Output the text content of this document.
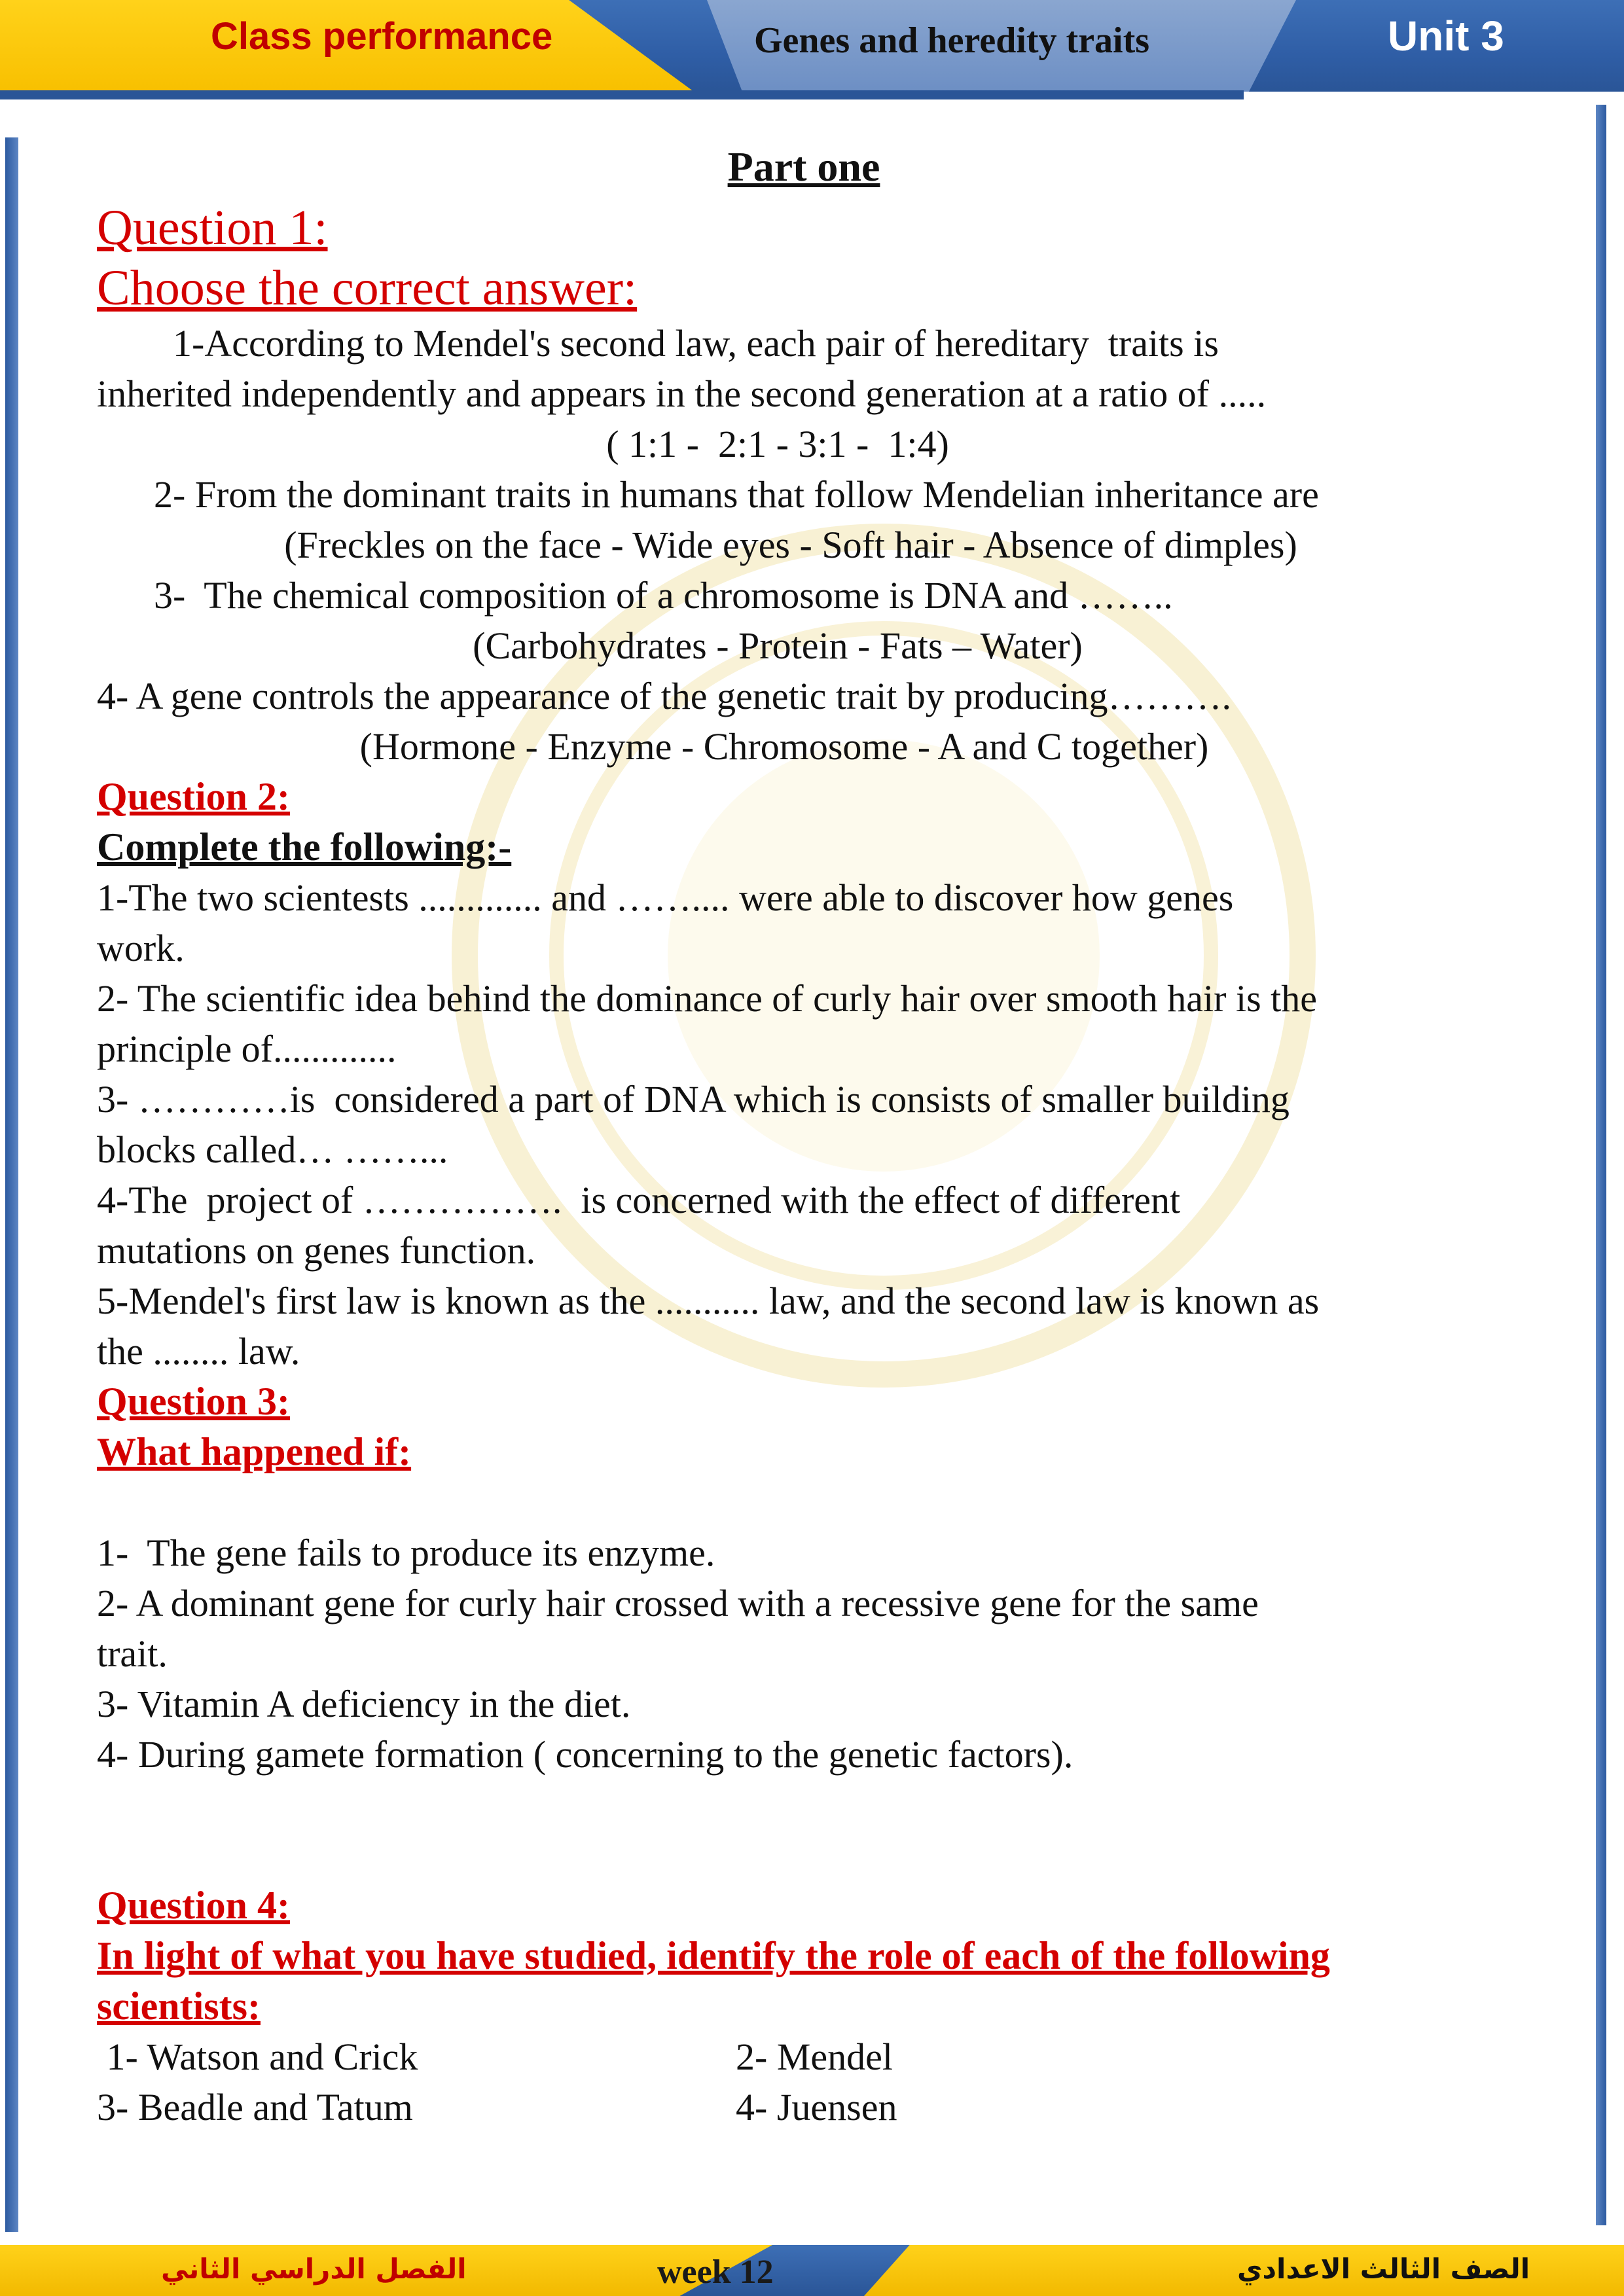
Class performance	Genes and heredity traits	Unit 3
Part one
Question 1:
Choose the correct answer:
1-According to Mendel's second law, each pair of hereditary  traits is
inherited independently and appears in the second generation at a ratio of .....
( 1:1 -  2:1 - 3:1 -  1:4)
2- From the dominant traits in humans that follow Mendelian inheritance are
(Freckles on the face - Wide eyes - Soft hair - Absence of dimples)
3-  The chemical composition of a chromosome is DNA and ……..
(Carbohydrates - Protein - Fats – Water)
4- A gene controls the appearance of the genetic trait by producing……….
(Hormone - Enzyme - Chromosome - A and C together)
Question 2:
Complete the following:-
1-The two scientests ............. and …….... were able to discover how genes
work.
2- The scientific idea behind the dominance of curly hair over smooth hair is the
principle of.............
3- …………is  considered a part of DNA which is consists of smaller building
blocks called… ……...
4-The  project of …………….  is concerned with the effect of different
mutations on genes function.
5-Mendel's first law is known as the ........... law, and the second law is known as
the ........ law.
Question 3:
What happened if:
1-  The gene fails to produce its enzyme.
2- A dominant gene for curly hair crossed with a recessive gene for the same
trait.
3- Vitamin A deficiency in the diet.
4- During gamete formation ( concerning to the genetic factors).
Question 4:
In light of what you have studied, identify the role of each of the following
scientists:
1- Watson and Crick	2- Mendel
3- Beadle and Tatum	4- Juensen
الفصل الدراسي الثاني	week 12	الصف الثالث الاعدادي
